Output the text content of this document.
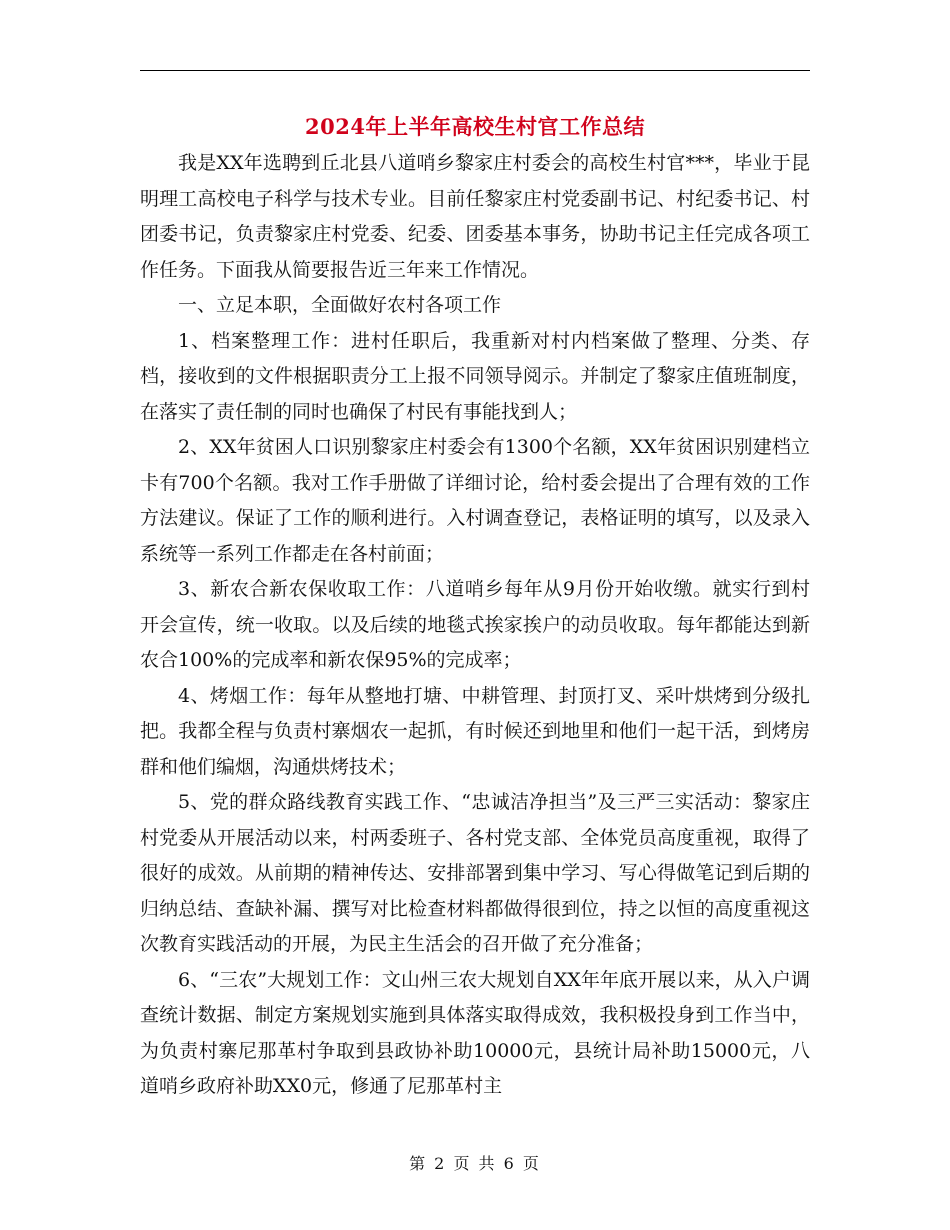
2024年上半年高校生村官工作总结

我是XX年选聘到丘北县八道哨乡黎家庄村委会的高校生村官***，毕业于昆明理工高校电子科学与技术专业。目前任黎家庄村党委副书记、村纪委书记、村团委书记，负责黎家庄村党委、纪委、团委基本事务，协助书记主任完成各项工作任务。下面我从简要报告近三年来工作情况。

一、立足本职，全面做好农村各项工作

1、档案整理工作：进村任职后，我重新对村内档案做了整理、分类、存档，接收到的文件根据职责分工上报不同领导阅示。并制定了黎家庄值班制度，在落实了责任制的同时也确保了村民有事能找到人；

2、XX年贫困人口识别黎家庄村委会有1300个名额，XX年贫困识别建档立卡有700个名额。我对工作手册做了详细讨论，给村委会提出了合理有效的工作方法建议。保证了工作的顺利进行。入村调查登记，表格证明的填写，以及录入系统等一系列工作都走在各村前面；

3、新农合新农保收取工作：八道哨乡每年从9月份开始收缴。就实行到村开会宣传，统一收取。以及后续的地毯式挨家挨户的动员收取。每年都能达到新农合100%的完成率和新农保95%的完成率；

4、烤烟工作：每年从整地打塘、中耕管理、封顶打叉、采叶烘烤到分级扎把。我都全程与负责村寨烟农一起抓，有时候还到地里和他们一起干活，到烤房群和他们编烟，沟通烘烤技术；

5、党的群众路线教育实践工作、“忠诚洁净担当”及三严三实活动：黎家庄村党委从开展活动以来，村两委班子、各村党支部、全体党员高度重视，取得了很好的成效。从前期的精神传达、安排部署到集中学习、写心得做笔记到后期的归纳总结、查缺补漏、撰写对比检查材料都做得很到位，持之以恒的高度重视这次教育实践活动的开展，为民主生活会的召开做了充分准备；

6、“三农”大规划工作：文山州三农大规划自XX年年底开展以来，从入户调查统计数据、制定方案规划实施到具体落实取得成效，我积极投身到工作当中，为负责村寨尼那革村争取到县政协补助10000元，县统计局补助15000元，八道哨乡政府补助XX0元，修通了尼那革村主

第 2 页 共 6 页
